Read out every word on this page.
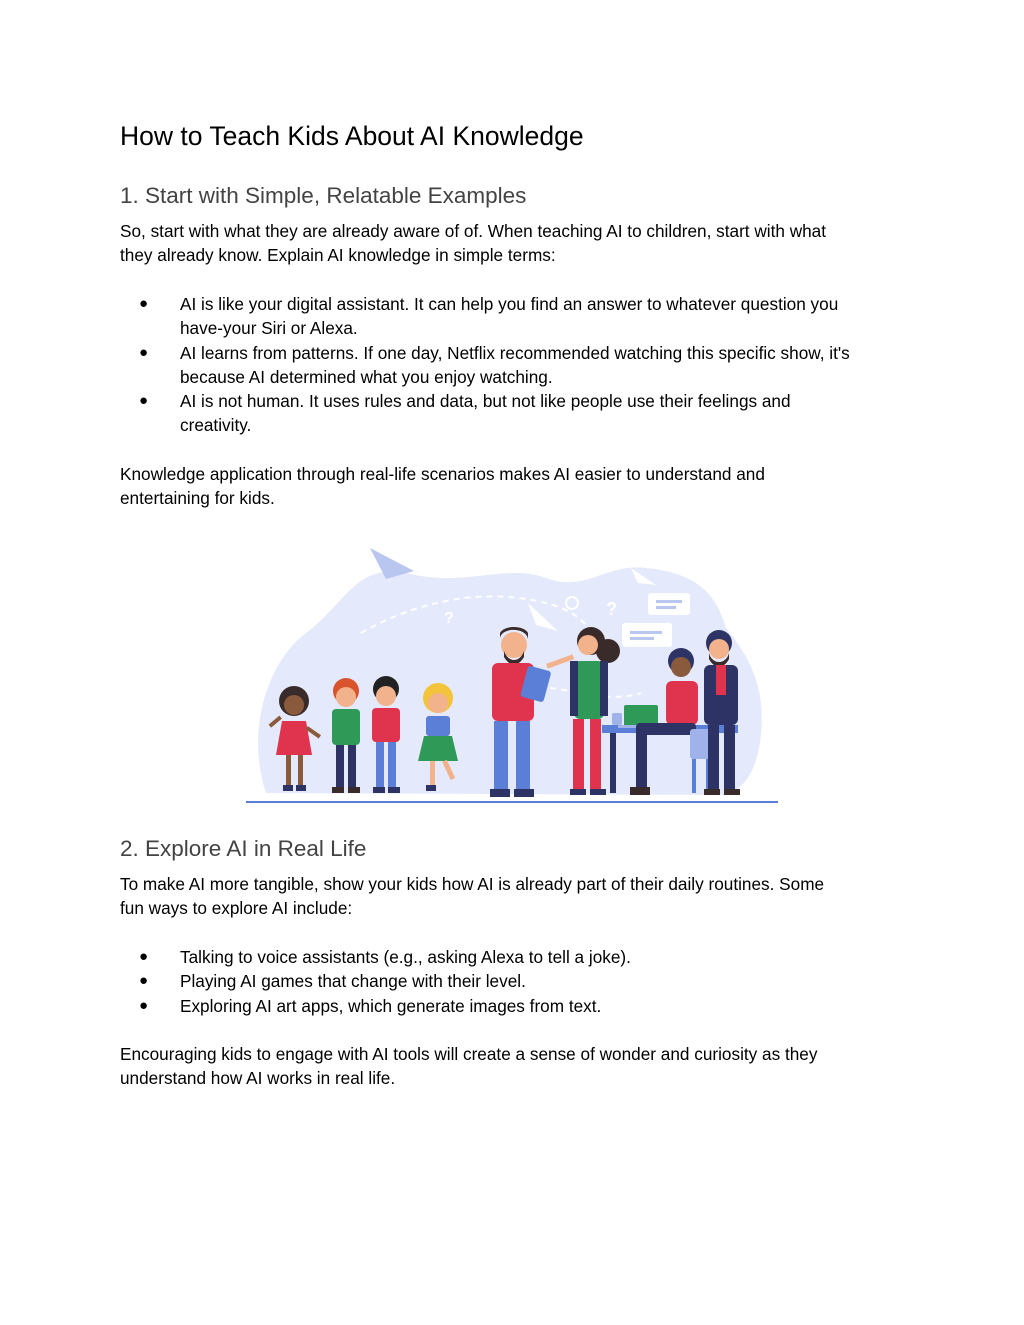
How to Teach Kids About AI Knowledge
1. Start with Simple, Relatable Examples

So, start with what they are already aware of of. When teaching AI to children, start with what
they already know. Explain AI knowledge in simple terms:

● AI is like your digital assistant. It can help you find an answer to whatever question you
have-your Siri or Alexa.
● AI learns from patterns. If one day, Netflix recommended watching this specific show, it's
because AI determined what you enjoy watching.
● AI is not human. It uses rules and data, but not like people use their feelings and
creativity.

Knowledge application through real-life scenarios makes AI easier to understand and
entertaining for kids.

?	?
2. Explore AI in Real Life

To make AI more tangible, show your kids how AI is already part of their daily routines. Some
fun ways to explore AI include:

● Talking to voice assistants (e.g., asking Alexa to tell a joke).
● Playing AI games that change with their level.
● Exploring AI art apps, which generate images from text.

Encouraging kids to engage with AI tools will create a sense of wonder and curiosity as they
understand how AI works in real life.
